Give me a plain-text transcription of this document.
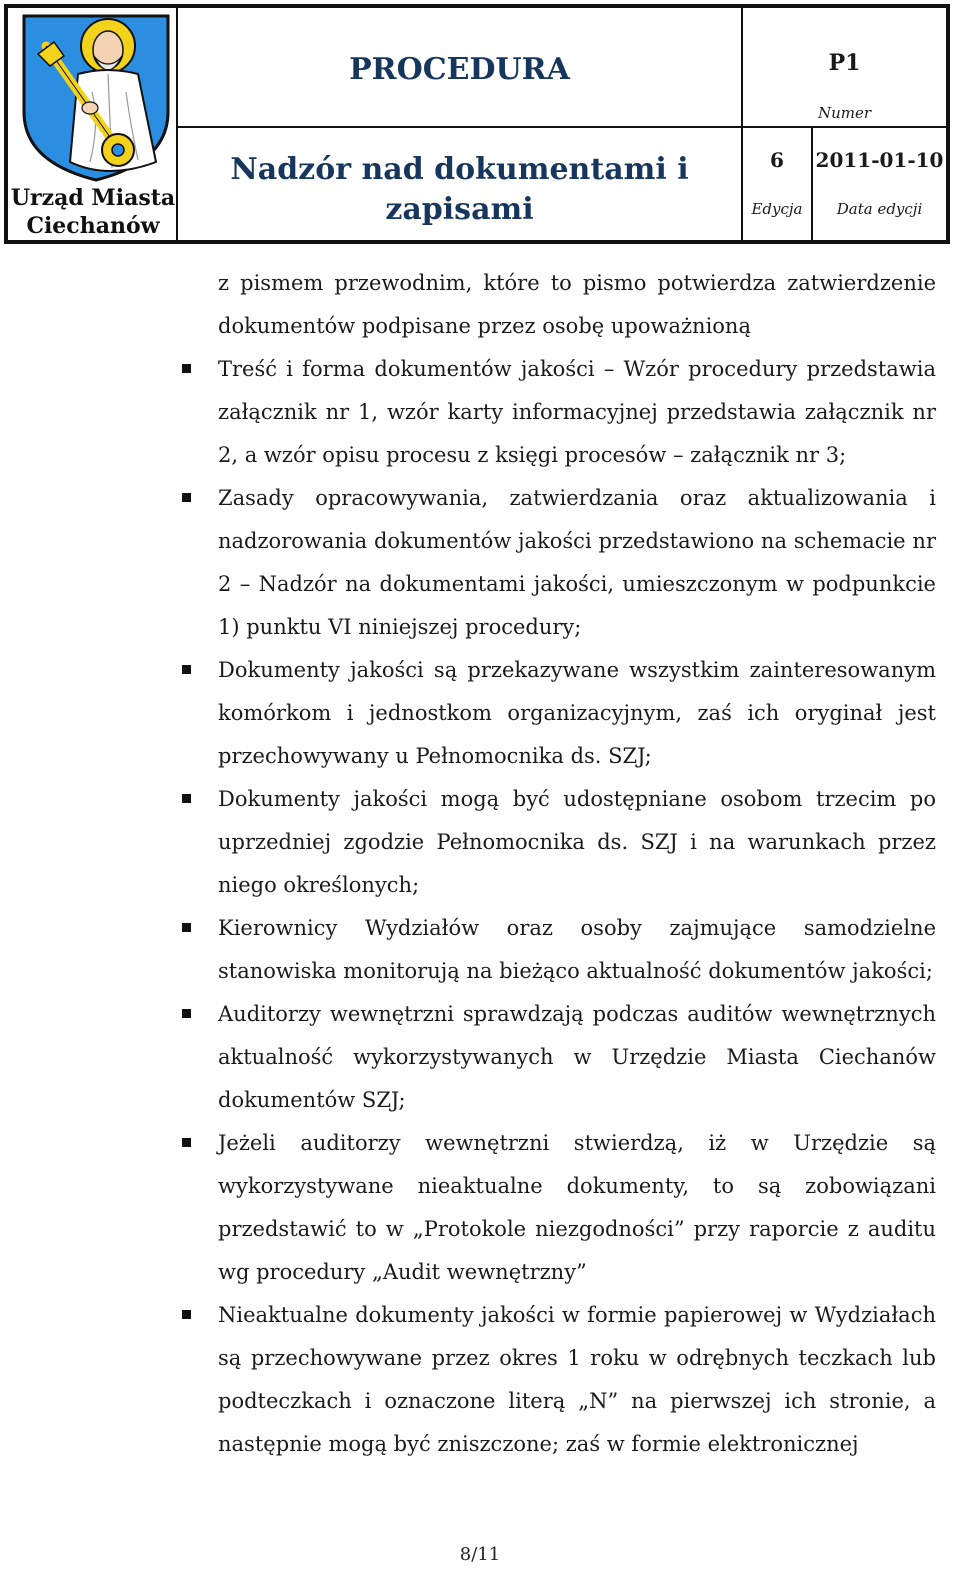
Urząd Miasta Ciechanów
PROCEDURA	P1
Numer
Nadzór nad dokumentami i zapisami
6
Edycja
2011-01-10
Data edycji
z pismem przewodnim, które to pismo potwierdza zatwierdzenie dokumentów podpisane przez osobę upoważnioną
Treść i forma dokumentów jakości – Wzór procedury przedstawia załącznik nr 1, wzór karty informacyjnej przedstawia załącznik nr 2, a wzór opisu procesu z księgi procesów – załącznik nr 3;
Zasady opracowywania, zatwierdzania oraz aktualizowania i nadzorowania dokumentów jakości przedstawiono na schemacie nr 2 – Nadzór na dokumentami jakości, umieszczonym w podpunkcie 1) punktu VI niniejszej procedury;
Dokumenty jakości są przekazywane wszystkim zainteresowanym komórkom i jednostkom organizacyjnym, zaś ich oryginał jest przechowywany u Pełnomocnika ds. SZJ;
Dokumenty jakości mogą być udostępniane osobom trzecim po uprzedniej zgodzie Pełnomocnika ds. SZJ i na warunkach przez niego określonych;
Kierownicy Wydziałów oraz osoby zajmujące samodzielne stanowiska monitorują na bieżąco aktualność dokumentów jakości;
Auditorzy wewnętrzni sprawdzają podczas auditów wewnętrznych aktualność wykorzystywanych w Urzędzie Miasta Ciechanów dokumentów SZJ;
Jeżeli auditorzy wewnętrzni stwierdzą, iż w Urzędzie są wykorzystywane nieaktualne dokumenty, to są zobowiązani przedstawić to w „Protokole niezgodności” przy raporcie z auditu wg procedury „Audit wewnętrzny”
Nieaktualne dokumenty jakości w formie papierowej w Wydziałach są przechowywane przez okres 1 roku w odrębnych teczkach lub podteczkach i oznaczone literą „N” na pierwszej ich stronie, a następnie mogą być zniszczone; zaś w formie elektronicznej
8/11
